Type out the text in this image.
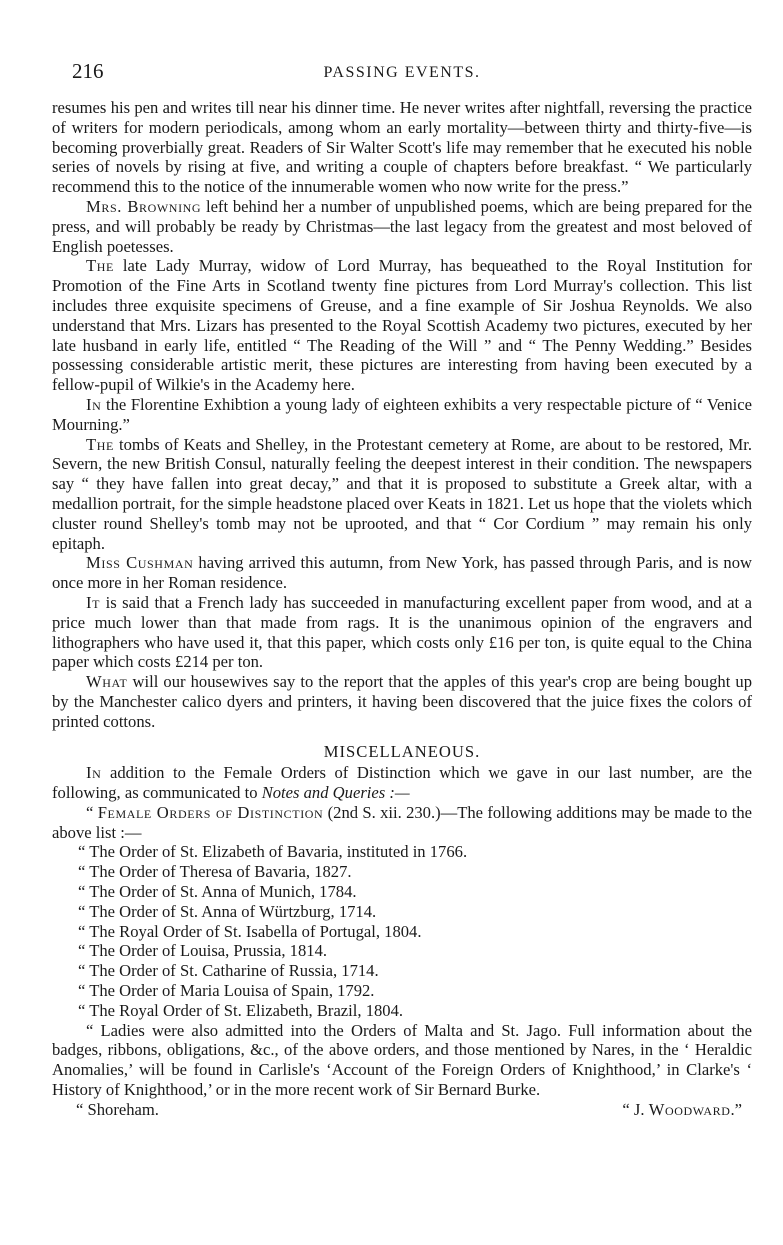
216	PASSING EVENTS.

resumes his pen and writes till near his dinner time. He never writes after nightfall, reversing the practice of writers for modern periodicals, among whom an early mortality—between thirty and thirty-five—is becoming proverbially great. Readers of Sir Walter Scott's life may remember that he executed his noble series of novels by rising at five, and writing a couple of chapters before breakfast. “ We particularly recommend this to the notice of the innumerable women who now write for the press.”

Mrs. Browning left behind her a number of unpublished poems, which are being prepared for the press, and will probably be ready by Christmas—the last legacy from the greatest and most beloved of English poetesses.

The late Lady Murray, widow of Lord Murray, has bequeathed to the Royal Institution for Promotion of the Fine Arts in Scotland twenty fine pictures from Lord Murray's collection. This list includes three exquisite specimens of Greuse, and a fine example of Sir Joshua Reynolds. We also understand that Mrs. Lizars has presented to the Royal Scottish Academy two pictures, executed by her late husband in early life, entitled “ The Reading of the Will ” and “ The Penny Wedding.” Besides possessing considerable artistic merit, these pictures are interesting from having been executed by a fellow-pupil of Wilkie's in the Academy here.

In the Florentine Exhibtion a young lady of eighteen exhibits a very respectable picture of “ Venice Mourning.”

The tombs of Keats and Shelley, in the Protestant cemetery at Rome, are about to be restored, Mr. Severn, the new British Consul, naturally feeling the deepest interest in their condition. The newspapers say “ they have fallen into great decay,” and that it is proposed to substitute a Greek altar, with a medallion portrait, for the simple headstone placed over Keats in 1821. Let us hope that the violets which cluster round Shelley's tomb may not be uprooted, and that “ Cor Cordium ” may remain his only epitaph.

Miss Cushman having arrived this autumn, from New York, has passed through Paris, and is now once more in her Roman residence.

It is said that a French lady has succeeded in manufacturing excellent paper from wood, and at a price much lower than that made from rags. It is the unanimous opinion of the engravers and lithographers who have used it, that this paper, which costs only £16 per ton, is quite equal to the China paper which costs £214 per ton.

What will our housewives say to the report that the apples of this year's crop are being bought up by the Manchester calico dyers and printers, it having been discovered that the juice fixes the colors of printed cottons.

MISCELLANEOUS.

In addition to the Female Orders of Distinction which we gave in our last number, are the following, as communicated to Notes and Queries :—

“ Female Orders of Distinction (2nd S. xii. 230.)—The following additions may be made to the above list :—

“ The Order of St. Elizabeth of Bavaria, instituted in 1766.
“ The Order of Theresa of Bavaria, 1827.
“ The Order of St. Anna of Munich, 1784.
“ The Order of St. Anna of Würtzburg, 1714.
“ The Royal Order of St. Isabella of Portugal, 1804.
“ The Order of Louisa, Prussia, 1814.
“ The Order of St. Catharine of Russia, 1714.
“ The Order of Maria Louisa of Spain, 1792.
“ The Royal Order of St. Elizabeth, Brazil, 1804.

“ Ladies were also admitted into the Orders of Malta and St. Jago. Full information about the badges, ribbons, obligations, &c., of the above orders, and those mentioned by Nares, in the ‘ Heraldic Anomalies,’ will be found in Carlisle's ‘Account of the Foreign Orders of Knighthood,’ in Clarke's ‘ History of Knighthood,’ or in the more recent work of Sir Bernard Burke.

“ Shoreham.	“ J. Woodward.”
